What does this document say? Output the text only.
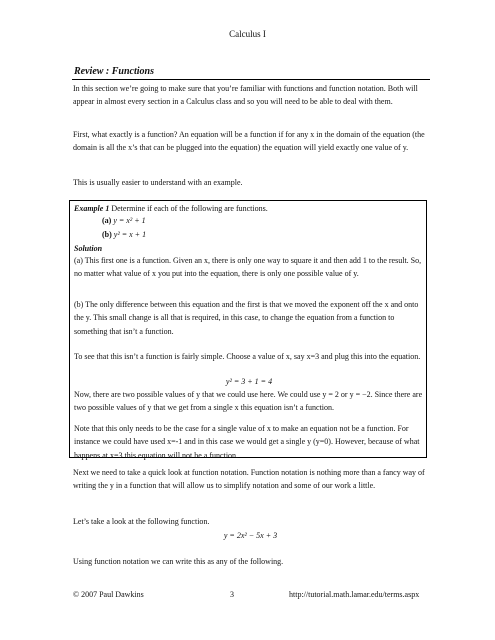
Calculus I
Review : Functions

In this section we’re going to make sure that you’re familiar with functions and function notation. Both will appear in almost every section in a Calculus class and so you will need to be able to deal with them.

First, what exactly is a function? An equation will be a function if for any x in the domain of the equation (the domain is all the x’s that can be plugged into the equation) the equation will yield exactly one value of y.

This is usually easier to understand with an example.

Example 1 Determine if each of the following are functions.

(a) y = x² + 1

(b) y² = x + 1

Solution

(a) This first one is a function. Given an x, there is only one way to square it and then add 1 to the result. So, no matter what value of x you put into the equation, there is only one possible value of y.

(b) The only difference between this equation and the first is that we moved the exponent off the x and onto the y. This small change is all that is required, in this case, to change the equation from a function to something that isn’t a function.

To see that this isn’t a function is fairly simple. Choose a value of x, say x=3 and plug this into the equation.

y² = 3 + 1 = 4

Now, there are two possible values of y that we could use here. We could use y = 2 or y = −2. Since there are two possible values of y that we get from a single x this equation isn’t a function.

Note that this only needs to be the case for a single value of x to make an equation not be a function. For instance we could have used x=-1 and in this case we would get a single y (y=0). However, because of what happens at x=3 this equation will not be a function.

Next we need to take a quick look at function notation. Function notation is nothing more than a fancy way of writing the y in a function that will allow us to simplify notation and some of our work a little.

Let’s take a look at the following function.

y = 2x² − 5x + 3

Using function notation we can write this as any of the following.

© 2007 Paul Dawkins	3	http://tutorial.math.lamar.edu/terms.aspx
